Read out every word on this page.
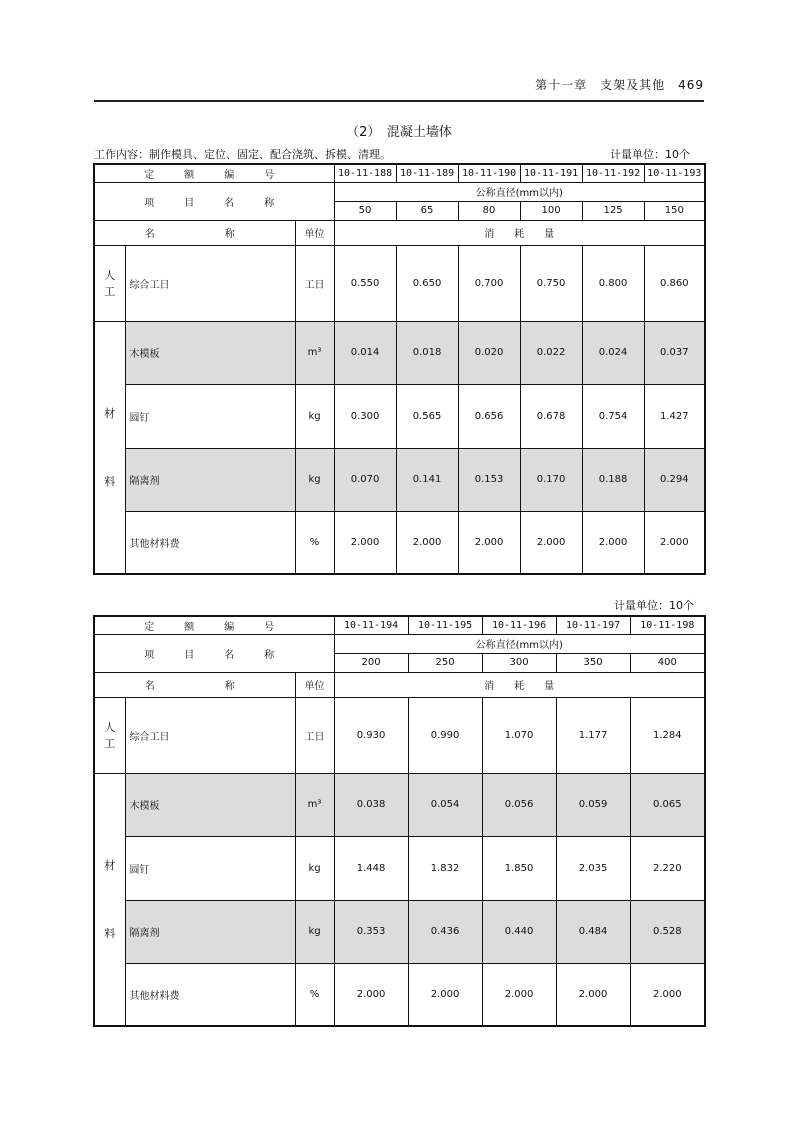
第十一章　支架及其他　469
（2）　混凝土墙体
工作内容：制作模具、定位、固定、配合浇筑、拆模、清理。	计量单位：10个
定　额　编　号			10-11-188	10-11-189	10-11-190	10-11-191	10-11-192	10-11-193
项　目　名　称			公称直径(mm以内)					
			50	65	80	100	125	150
名　　　称		单位	消　　耗　　量					
人
工	综合工日	工日	0.550	0.650	0.700	0.750	0.800	0.860
材

料	木模板	m³	0.014	0.018	0.020	0.022	0.024	0.037
	圆钉	kg	0.300	0.565	0.656	0.678	0.754	1.427
	隔离剂	kg	0.070	0.141	0.153	0.170	0.188	0.294
	其他材料费	%	2.000	2.000	2.000	2.000	2.000	2.000
计量单位：10个
定　额　编　号			10-11-194	10-11-195	10-11-196	10-11-197	10-11-198
项　目　名　称			公称直径(mm以内)				
			200	250	300	350	400
名　　　称		单位	消　　耗　　量				
人
工	综合工日	工日	0.930	0.990	1.070	1.177	1.284
材

料	木模板	m³	0.038	0.054	0.056	0.059	0.065
	圆钉	kg	1.448	1.832	1.850	2.035	2.220
	隔离剂	kg	0.353	0.436	0.440	0.484	0.528
	其他材料费	%	2.000	2.000	2.000	2.000	2.000
